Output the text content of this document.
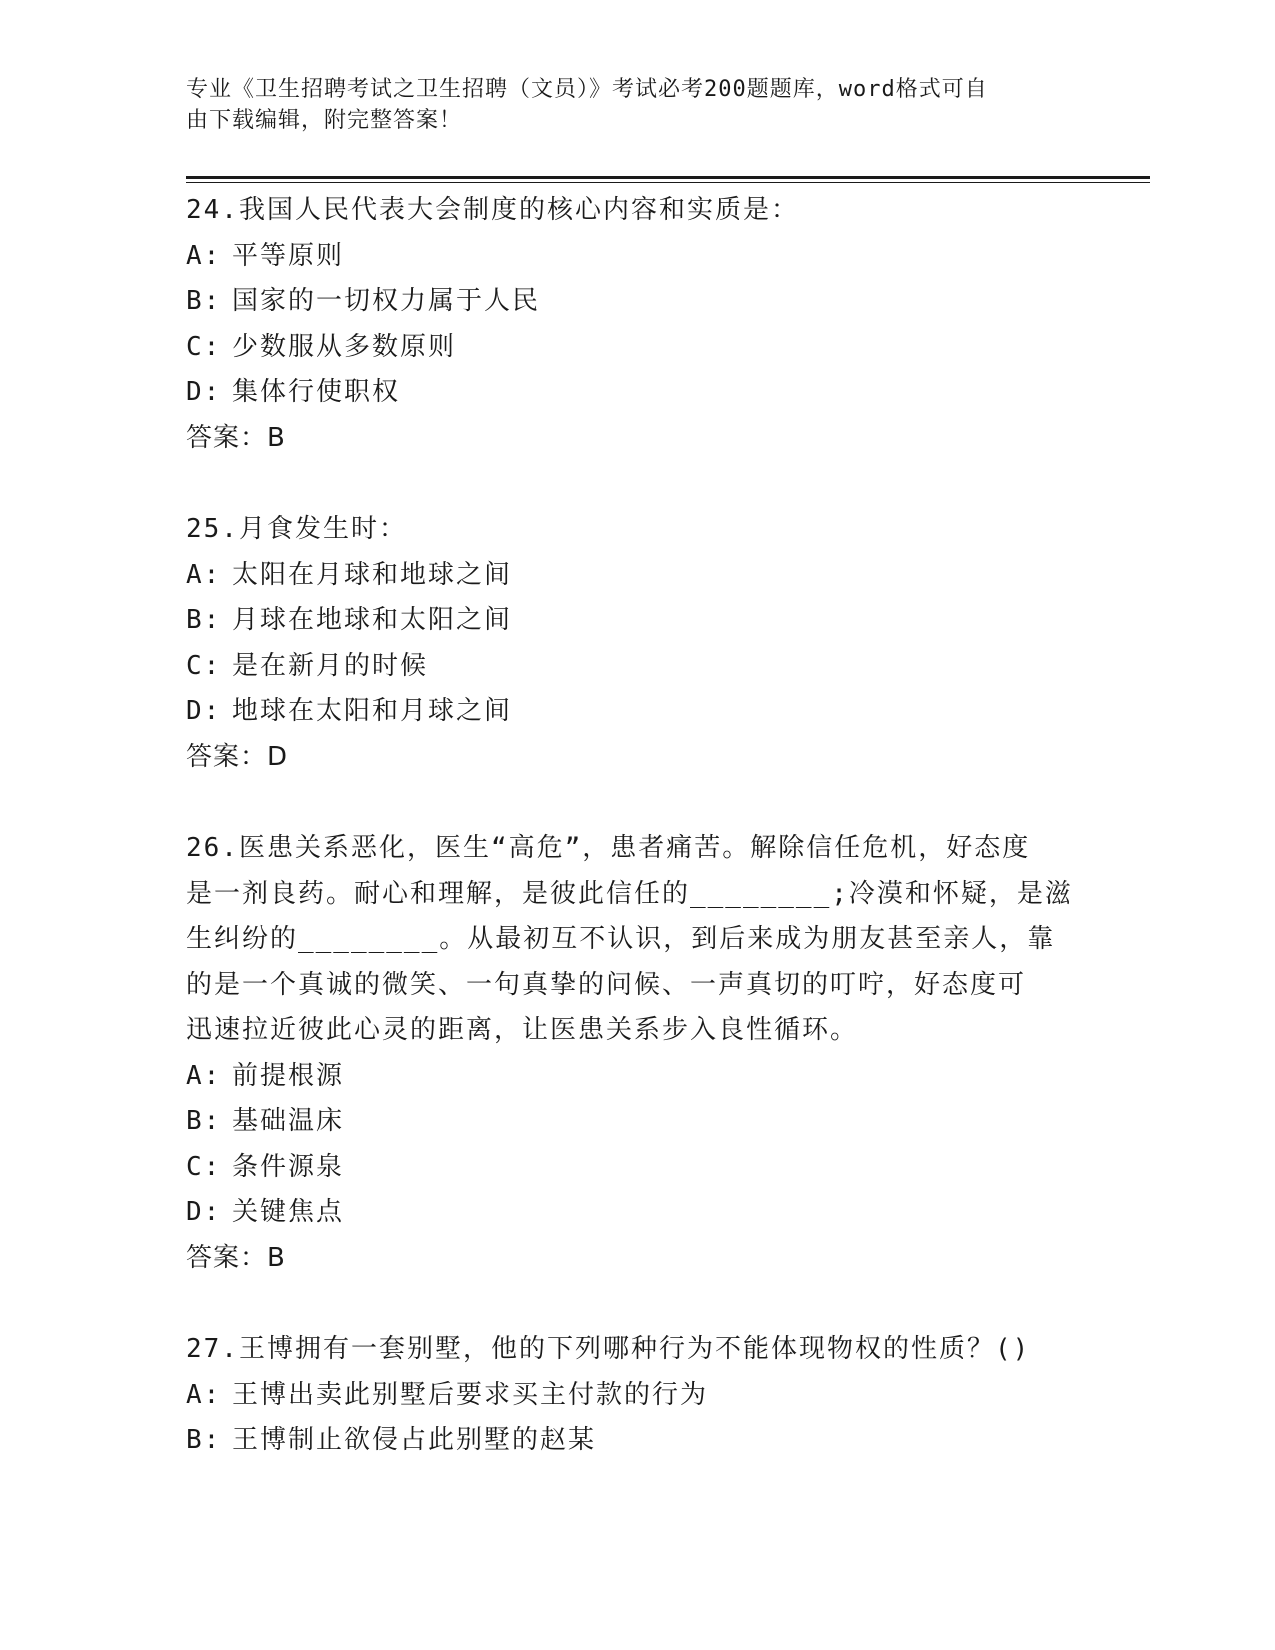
专业《卫生招聘考试之卫生招聘（文员）》考试必考200题题库，word格式可自
由下载编辑，附完整答案！
24.我国人民代表大会制度的核心内容和实质是：
A: 平等原则
B: 国家的一切权力属于人民
C: 少数服从多数原则
D: 集体行使职权
答案：B
25.月食发生时：
A: 太阳在月球和地球之间
B: 月球在地球和太阳之间
C: 是在新月的时候
D: 地球在太阳和月球之间
答案：D
26.医患关系恶化，医生“高危”，患者痛苦。解除信任危机，好态度
是一剂良药。耐心和理解，是彼此信任的________;冷漠和怀疑，是滋
生纠纷的________。从最初互不认识，到后来成为朋友甚至亲人，靠
的是一个真诚的微笑、一句真挚的问候、一声真切的叮咛，好态度可
迅速拉近彼此心灵的距离，让医患关系步入良性循环。
A: 前提根源
B: 基础温床
C: 条件源泉
D: 关键焦点
答案：B
27.王博拥有一套别墅，他的下列哪种行为不能体现物权的性质？()
A: 王博出卖此别墅后要求买主付款的行为
B: 王博制止欲侵占此别墅的赵某
